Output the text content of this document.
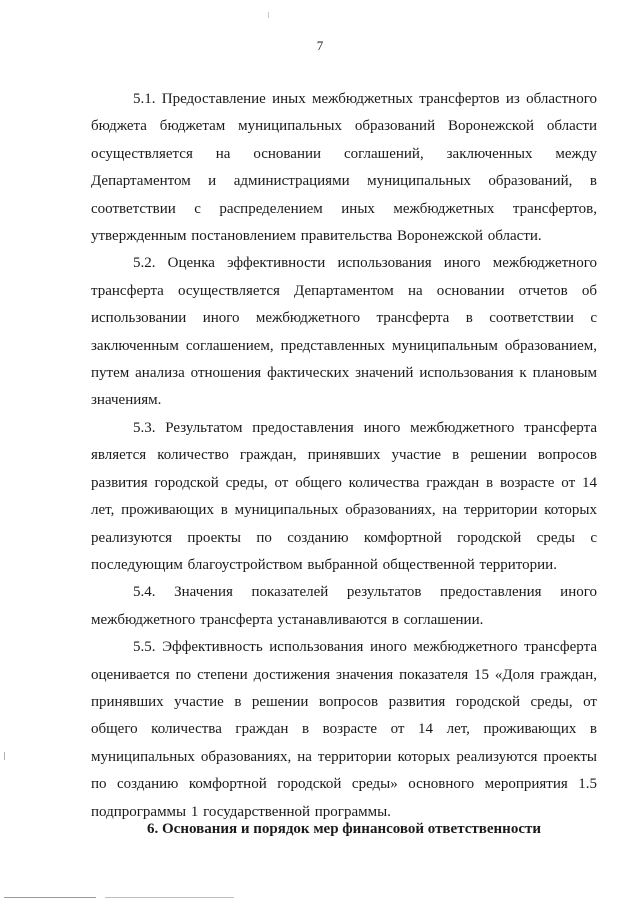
7

5.1. Предоставление иных межбюджетных трансфертов из областного бюджета бюджетам муниципальных образований Воронежской области осуществляется на основании соглашений, заключенных между Департаментом и администрациями муниципальных образований, в соответствии с распределением иных межбюджетных трансфертов, утвержденным постановлением правительства Воронежской области.

5.2. Оценка эффективности использования иного межбюджетного трансферта осуществляется Департаментом на основании отчетов об использовании иного межбюджетного трансферта в соответствии с заключенным соглашением, представленных муниципальным образованием, путем анализа отношения фактических значений использования к плановым значениям.

5.3. Результатом предоставления иного межбюджетного трансферта является количество граждан, принявших участие в решении вопросов развития городской среды, от общего количества граждан в возрасте от 14 лет, проживающих в муниципальных образованиях, на территории которых реализуются проекты по созданию комфортной городской среды с последующим благоустройством выбранной общественной территории.

5.4. Значения показателей результатов предоставления иного межбюджетного трансферта устанавливаются в соглашении.

5.5. Эффективность использования иного межбюджетного трансферта оценивается по степени достижения значения показателя 15 «Доля граждан, принявших участие в решении вопросов развития городской среды, от общего количества граждан в возрасте от 14 лет, проживающих в муниципальных образованиях, на территории которых реализуются проекты по созданию комфортной городской среды» основного мероприятия 1.5 подпрограммы 1 государственной программы.

6. Основания и порядок мер финансовой ответственности
